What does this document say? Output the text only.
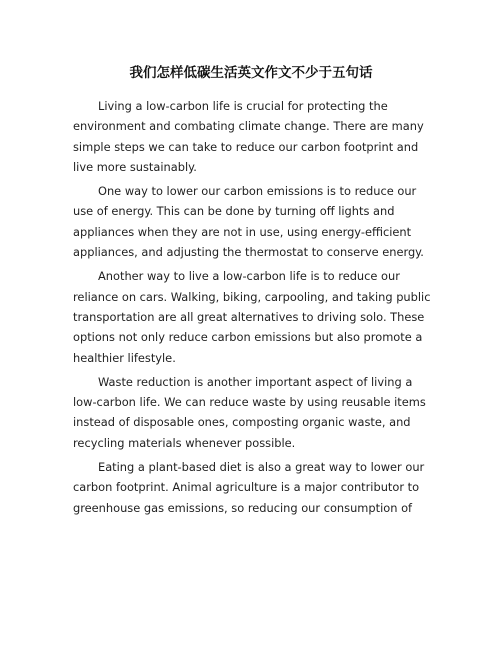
我们怎样低碳生活英文作文不少于五句话

Living a low-carbon life is crucial for protecting the environment and combating climate change. There are many simple steps we can take to reduce our carbon footprint and live more sustainably.

One way to lower our carbon emissions is to reduce our use of energy. This can be done by turning off lights and appliances when they are not in use, using energy-efficient appliances, and adjusting the thermostat to conserve energy.

Another way to live a low-carbon life is to reduce our reliance on cars. Walking, biking, carpooling, and taking public transportation are all great alternatives to driving solo. These options not only reduce carbon emissions but also promote a healthier lifestyle.

Waste reduction is another important aspect of living a low-carbon life. We can reduce waste by using reusable items instead of disposable ones, composting organic waste, and recycling materials whenever possible.

Eating a plant-based diet is also a great way to lower our carbon footprint. Animal agriculture is a major contributor to greenhouse gas emissions, so reducing our consumption of
